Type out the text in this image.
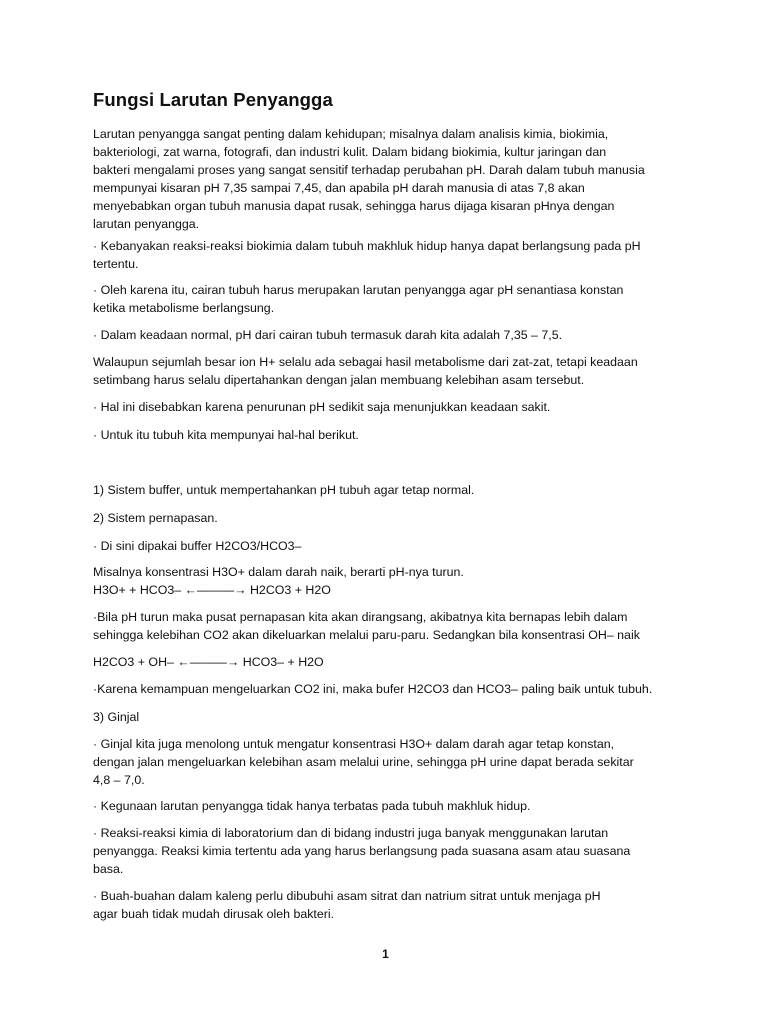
Fungsi Larutan Penyangga
Larutan penyangga sangat penting dalam kehidupan; misalnya dalam analisis kimia, biokimia,
bakteriologi, zat warna, fotografi, dan industri kulit. Dalam bidang biokimia, kultur jaringan dan
bakteri mengalami proses yang sangat sensitif terhadap perubahan pH. Darah dalam tubuh manusia
mempunyai kisaran pH 7,35 sampai 7,45, dan apabila pH darah manusia di atas 7,8 akan
menyebabkan organ tubuh manusia dapat rusak, sehingga harus dijaga kisaran pHnya dengan
larutan penyangga.
· Kebanyakan reaksi-reaksi biokimia dalam tubuh makhluk hidup hanya dapat berlangsung pada pH
tertentu.
· Oleh karena itu, cairan tubuh harus merupakan larutan penyangga agar pH senantiasa konstan
ketika metabolisme berlangsung.
· Dalam keadaan normal, pH dari cairan tubuh termasuk darah kita adalah 7,35 – 7,5.
Walaupun sejumlah besar ion H+ selalu ada sebagai hasil metabolisme dari zat-zat, tetapi keadaan
setimbang harus selalu dipertahankan dengan jalan membuang kelebihan asam tersebut.
· Hal ini disebabkan karena penurunan pH sedikit saja menunjukkan keadaan sakit.
· Untuk itu tubuh kita mempunyai hal-hal berikut.
1) Sistem buffer, untuk mempertahankan pH tubuh agar tetap normal.
2) Sistem pernapasan.
· Di sini dipakai buffer H2CO3/HCO3–
Misalnya konsentrasi H3O+ dalam darah naik, berarti pH-nya turun.
H3O+ + HCO3– ←———→ H2CO3 + H2O
·Bila pH turun maka pusat pernapasan kita akan dirangsang, akibatnya kita bernapas lebih dalam
sehingga kelebihan CO2 akan dikeluarkan melalui paru-paru. Sedangkan bila konsentrasi OH– naik
H2CO3 + OH– ←———→ HCO3– + H2O
·Karena kemampuan mengeluarkan CO2 ini, maka bufer H2CO3 dan HCO3– paling baik untuk tubuh.
3) Ginjal
· Ginjal kita juga menolong untuk mengatur konsentrasi H3O+ dalam darah agar tetap konstan,
dengan jalan mengeluarkan kelebihan asam melalui urine, sehingga pH urine dapat berada sekitar
4,8 – 7,0.
· Kegunaan larutan penyangga tidak hanya terbatas pada tubuh makhluk hidup.
· Reaksi-reaksi kimia di laboratorium dan di bidang industri juga banyak menggunakan larutan
penyangga. Reaksi kimia tertentu ada yang harus berlangsung pada suasana asam atau suasana
basa.
· Buah-buahan dalam kaleng perlu dibubuhi asam sitrat dan natrium sitrat untuk menjaga pH
agar buah tidak mudah dirusak oleh bakteri.
1
